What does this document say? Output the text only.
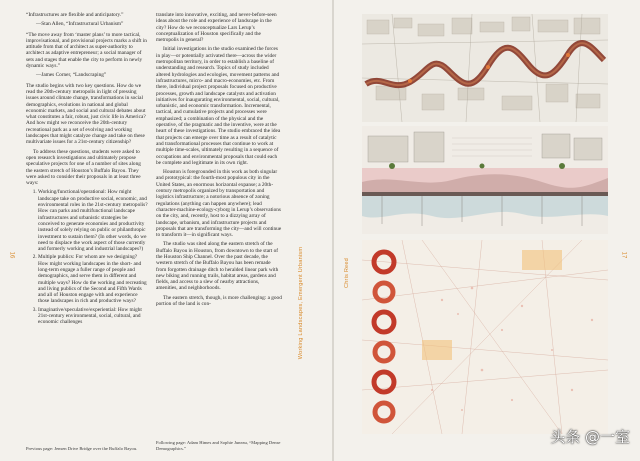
“Infrastructures are flexible and anticipatory.”

—Stan Allen, “Infrastructural Urbanism”

“The move away from ‘master plans’ to more tactical, improvisational, and provisional projects marks a shift in attitude from that of architect as super-authority to architect as adaptive entrepreneur; a social manager of sets and stages that enable the city to perform in newly dynamic ways.”

—James Corner, “Landscraping”

The studio begins with two key questions. How do we read the 20th-century metropolis in light of pressing issues around climate change, transformations in social demographics, evolutions in national and global economic markets, and social and cultural debates about what constitutes a fair, robust, just civic life in America? And how might we reconceive the 20th-century recreational park as a set of evolving and working landscapes that might catalyze change and take on these multivariate issues for a 21st-century citizenship?

To address these questions, students were asked to open research investigations and ultimately propose speculative projects for one of a number of sites along the eastern stretch of Houston’s Buffalo Bayou. They were asked to consider their proposals in at least three ways:

1. Working/functional/operational: How might landscape take on productive social, economic, and environmental roles in the 21st-century metropolis? How can parks and multifunctional landscape infrastructures and urbanistic strategies be conceived to generate economies and productivity instead of solely relying on public or philanthropic investment to sustain them? (In other words, do we need to displace the work aspect of those currently and formerly working and industrial landscapes?)
2. Multiple publics: For whom are we designing? How might working landscapes in the short- and long-term engage a fuller range of people and demographics, and serve them in different and multiple ways? How do the working and recreating and living publics of the Second and Fifth Wards and all of Houston engage with and experience those landscapes in rich and productive ways?
3. Imaginative/speculative/experiential: How might 21st-century environmental, social, cultural, and economic challenges
Previous page: Jensen Drive Bridge over the Buffalo Bayou.

translate into innovative, exciting, and never-before-seen ideas about the role and experience of landscape in the city? How do we reconceptualize Lars Lerup’s conceptualization of Houston specifically and the metropolis in general?

Initial investigations in the studio examined the forces in play—or potentially activated there—across the wider metropolitan territory, in order to establish a baseline of understanding and research. Topics of study included altered hydrologies and ecologies, movement patterns and infrastructures, micro- and macro-economies, etc. From there, individual project proposals focused on productive processes, growth and landscape catalysts and activation initiatives for inaugurating environmental, social, cultural, urbanistic, and economic transformation. Incremental, tactical, and cumulative projects and processes were emphasized; a combination of the physical and the operative, of the pragmatic and the inventive, were at the heart of these investigations. The studio embraced the idea that projects can emerge over time as a result of catalytic and transformational processes that continue to work at multiple time-scales, ultimately resulting in a sequence of occupations and environmental proposals that could each be complete and legitimate in its own right.

Houston is foregrounded in this work as both singular and prototypical: the fourth-most populous city in the United States, an enormous horizontal expanse; a 20th-century metropolis organized by transportation and logistics infrastructure; a notorious absence of zoning regulations (anything can happen anywhere); lead character-machine-ecology-cyborg in Lerup’s observations on the city, and, recently, host to a dizzying array of landscape, urbanism, and infrastructure projects and proposals that are transforming the city—and will continue to transform it—in significant ways.

The studio was sited along the eastern stretch of the Buffalo Bayou in Houston, from downtown to the start of the Houston Ship Channel. Over the past decade, the western stretch of the Buffalo Bayou has been remade from forgotten drainage ditch to heralded linear park with new biking and running trails, habitat areas, gardens and fields, and access to a slew of nearby attractions, amenities, and neighborhoods.

The eastern stretch, though, is more challenging: a good portion of the land is con-

Following page: Adam Himes and Sophie Juneau, “Mapping Dense Demographics.”
16	17
Working Landscapes, Emergent Urbanism	Chris Reed
头条 @一室
